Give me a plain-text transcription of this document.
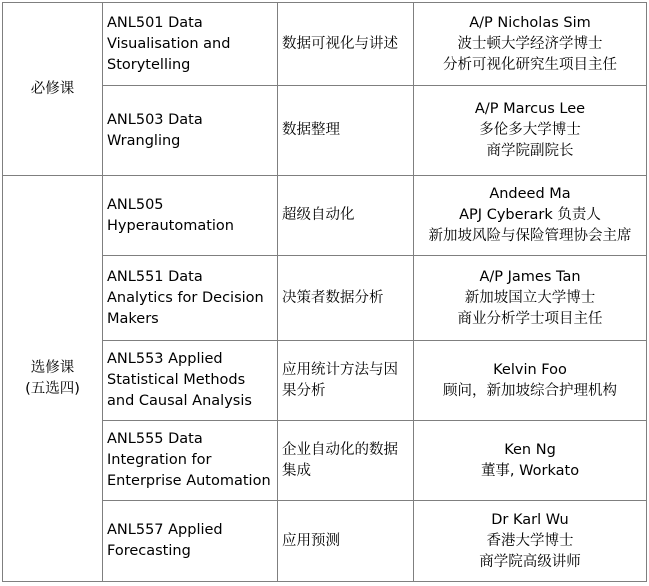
必修课	ANL501 Data Visualisation and Storytelling	数据可视化与讲述	A/P Nicholas Sim
波士顿大学经济学博士
分析可视化研究生项目主任

	ANL503 Data Wrangling	数据整理	A/P Marcus Lee
多伦多大学博士
商学院副院长

选修课
(五选四)	ANL505 Hyperautomation	超级自动化	Andeed Ma
APJ Cyberark 负责人
新加坡风险与保险管理协会主席

	ANL551 Data Analytics for Decision Makers	决策者数据分析	A/P James Tan
新加坡国立大学博士
商业分析学士项目主任

	ANL553 Applied Statistical Methods and Causal Analysis	应用统计方法与因果分析	Kelvin Foo
顾问，新加坡综合护理机构

	ANL555 Data Integration for Enterprise Automation	企业自动化的数据集成	Ken Ng
董事, Workato

	ANL557 Applied Forecasting	应用预测	Dr Karl Wu
香港大学博士
商学院高级讲师
